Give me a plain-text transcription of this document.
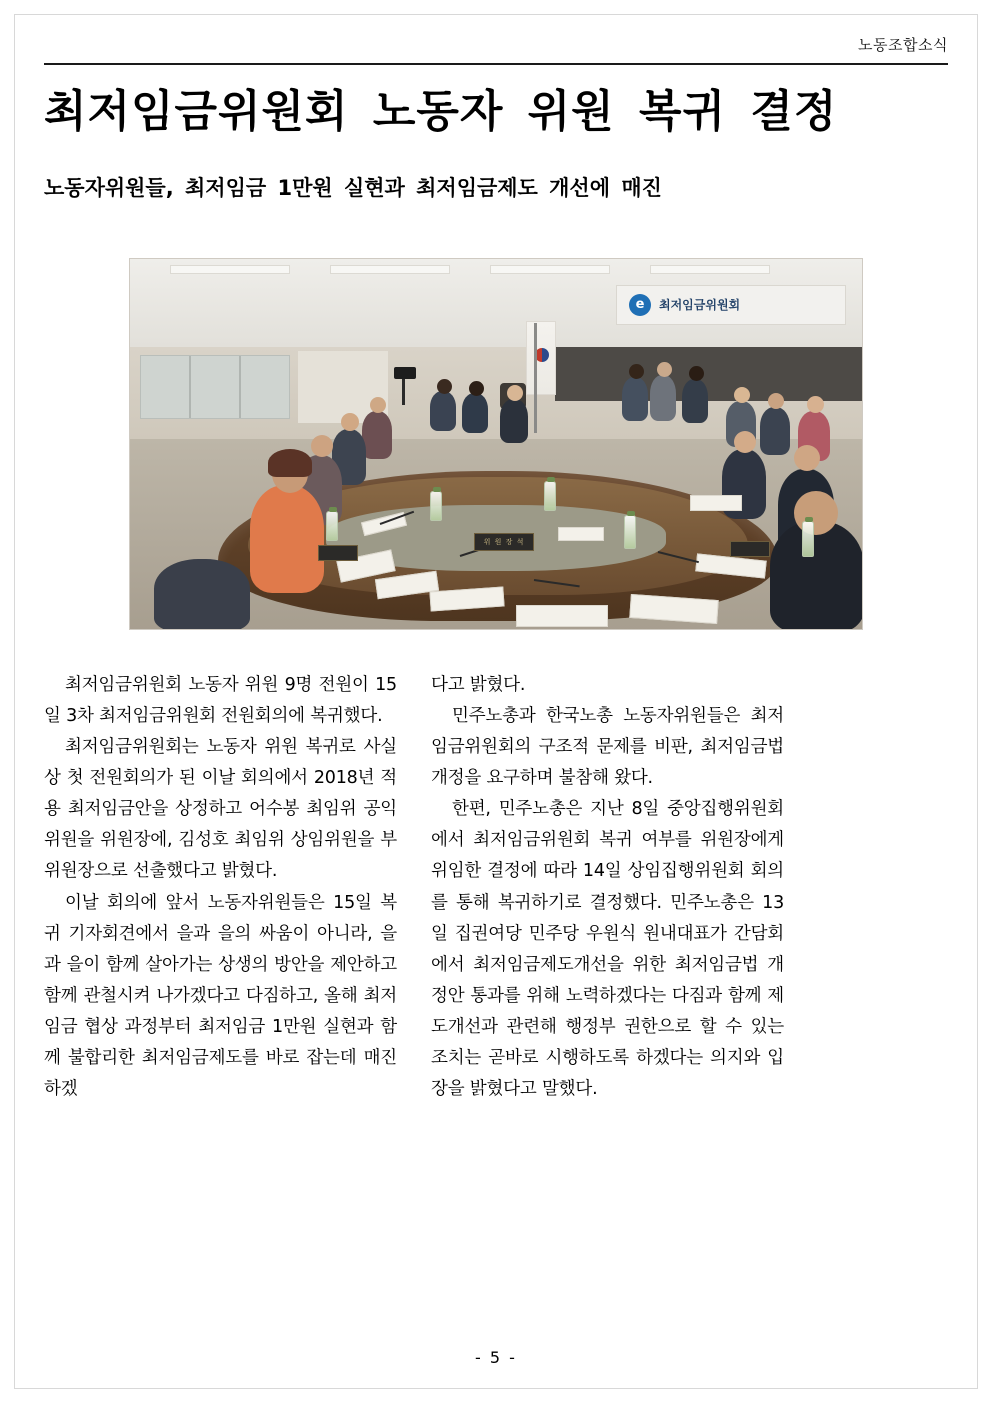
노동조합소식
최저임금위원회 노동자 위원 복귀 결정
노동자위원들, 최저임금 1만원 실현과 최저임금제도 개선에 매진
e	최저임금위원회
위 원 장 석

최저임금위원회 노동자 위원 9명 전원이 15일 3차 최저임금위원회 전원회의에 복귀했다.

최저임금위원회는 노동자 위원 복귀로 사실상 첫 전원회의가 된 이날 회의에서 2018년 적용 최저임금안을 상정하고 어수봉 최임위 공익위원을 위원장에, 김성호 최임위 상임위원을 부위원장으로 선출했다고 밝혔다.

이날 회의에 앞서 노동자위원들은 15일 복귀 기자회견에서 을과 을의 싸움이 아니라, 을과 을이 함께 살아가는 상생의 방안을 제안하고 함께 관철시켜 나가겠다고 다짐하고, 올해 최저임금 협상 과정부터 최저임금 1만원 실현과 함께 불합리한 최저임금제도를 바로 잡는데 매진하겠

다고 밝혔다.

민주노총과 한국노총 노동자위원들은 최저임금위원회의 구조적 문제를 비판, 최저임금법 개정을 요구하며 불참해 왔다.

한편, 민주노총은 지난 8일 중앙집행위원회에서 최저임금위원회 복귀 여부를 위원장에게 위임한 결정에 따라 14일 상임집행위원회 회의를 통해 복귀하기로 결정했다. 민주노총은 13일 집권여당 민주당 우원식 원내대표가 간담회에서 최저임금제도개선을 위한 최저임금법 개정안 통과를 위해 노력하겠다는 다짐과 함께 제도개선과 관련해 행정부 권한으로 할 수 있는 조치는 곧바로 시행하도록 하겠다는 의지와 입장을 밝혔다고 말했다.

- 5 -
